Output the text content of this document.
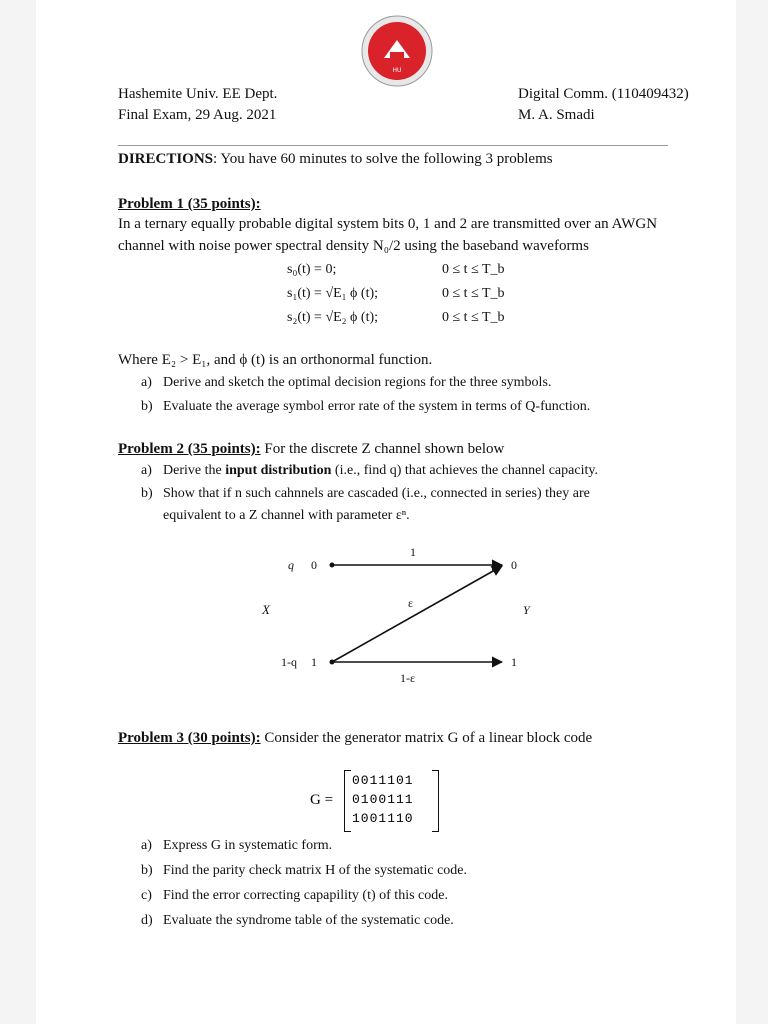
HU
Hashemite Univ. EE Dept.
Final Exam, 29 Aug. 2021
Digital Comm. (110409432)
M. A. Smadi
DIRECTIONS: You have 60 minutes to solve the following 3 problems
Problem 1 (35 points):
In a ternary equally probable digital system bits 0, 1 and 2 are transmitted over an AWGN
channel with noise power spectral density N₀/2 using the baseband waveforms
s₀(t) = 0;
s₁(t) = √E₁ ϕ (t);
s₂(t) = √E₂ ϕ (t);
0 ≤ t ≤ T_b
0 ≤ t ≤ T_b
0 ≤ t ≤ T_b
Where E₂ > E₁, and ϕ (t) is an orthonormal function.
a) Derive and sketch the optimal decision regions for the three symbols.
b) Evaluate the average symbol error rate of the system in terms of Q-function.
Problem 2 (35 points): For the discrete Z channel shown below
a) Derive the input distribution (i.e., find q) that achieves the channel capacity.
b) Show that if n such cahnnels are cascaded (i.e., connected in series) they are
equivalent to a Z channel with parameter εⁿ.
q 0
1-q 1
X	Y
0
1
1
ε
1-ε
Problem 3 (30 points): Consider the generator matrix G of a linear block code
G =
0011101
0100111
1001110
a) Express G in systematic form.
b) Find the parity check matrix H of the systematic code.
c) Find the error correcting capapility (t) of this code.
d) Evaluate the syndrome table of the systematic code.
